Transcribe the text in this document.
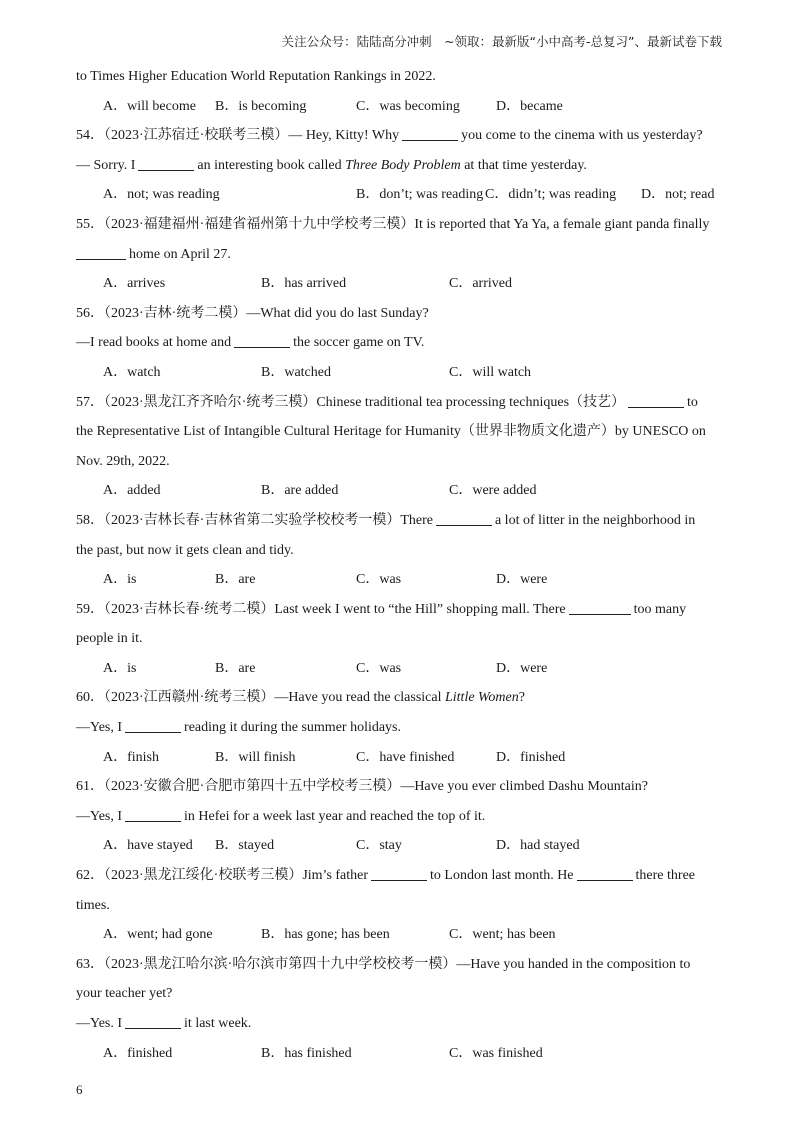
关注公众号：陆陆高分冲刺　~领取：最新版“小中高考-总复习”、最新试卷下载
to Times Higher Education World Reputation Rankings in 2022.
A．will become	B．is becoming	C．was becoming	D．became
54．（2023·江苏宿迁·校联考三模）— Hey, Kitty! Why	you come to the cinema with us yesterday?
— Sorry. I	an interesting book called Three Body Problem at that time yesterday.
A．not; was reading	B．don’t; was reading C．didn’t; was reading	D．not; read
55．（2023·福建福州·福建省福州第十九中学校考三模）It is reported that Ya Ya, a female giant panda finally
home on April 27.
A．arrives	B．has arrived	C．arrived
56．（2023·吉林·统考二模）—What did you do last Sunday?
—I read books at home and	the soccer game on TV.
A．watch	B．watched	C．will watch
57．（2023·黑龙江齐齐哈尔·统考三模）Chinese traditional tea processing techniques（技艺）	to
the Representative List of Intangible Cultural Heritage for Humanity（世界非物质文化遗产）by UNESCO on
Nov. 29th, 2022.
A．added	B．are added	C．were added
58．（2023·吉林长春·吉林省第二实验学校校考一模）There	a lot of litter in the neighborhood in
the past, but now it gets clean and tidy.
A．is	B．are	C．was	D．were
59．（2023·吉林长春·统考二模）Last week I went to “the Hill” shopping mall. There	too many
people in it.
A．is	B．are	C．was	D．were
60．（2023·江西赣州·统考三模）—Have you read the classical Little Women?
—Yes, I	reading it during the summer holidays.
A．finish	B．will finish	C．have finished	D．finished
61．（2023·安徽合肥·合肥市第四十五中学校考三模）—Have you ever climbed Dashu Mountain?
—Yes, I	in Hefei for a week last year and reached the top of it.
A．have stayed	B．stayed	C．stay	D．had stayed
62．（2023·黑龙江绥化·校联考三模）Jim’s father	to London last month. He	there three
times.
A．went; had gone	B．has gone; has been	C．went; has been
63．（2023·黑龙江哈尔滨·哈尔滨市第四十九中学校校考一模）—Have you handed in the composition to
your teacher yet?
—Yes. I	it last week.
A．finished	B．has finished	C．was finished
6
